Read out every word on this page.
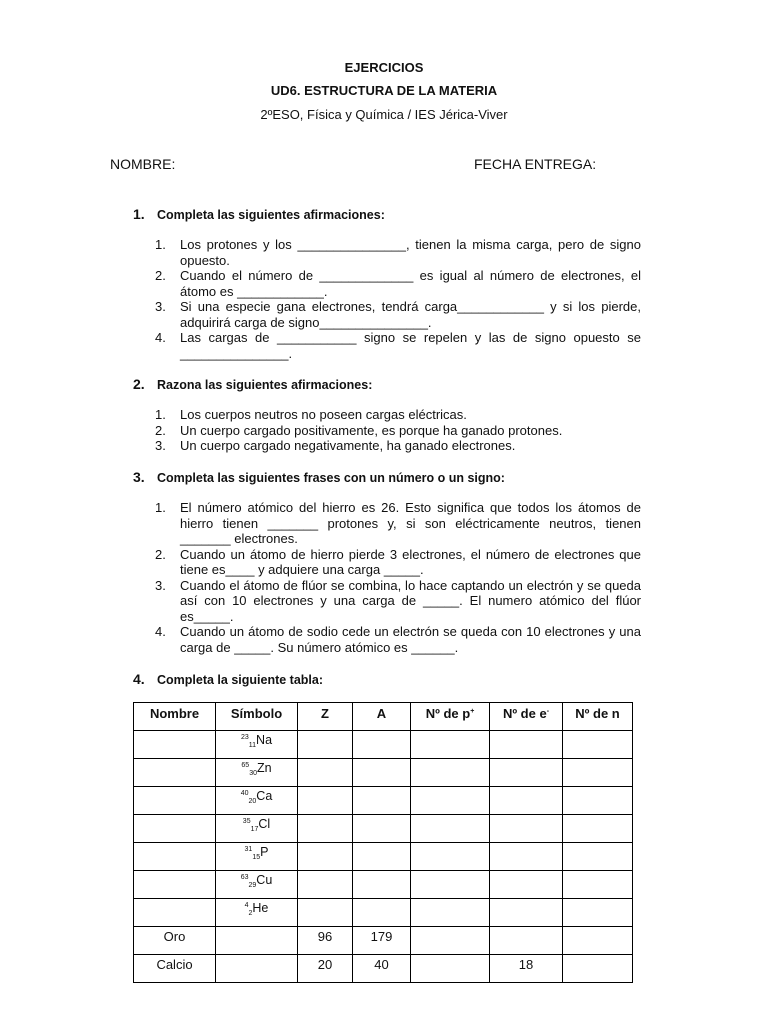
EJERCICIOS
UD6. ESTRUCTURA DE LA MATERIA
2ºESO, Física y Química / IES Jérica-Viver
NOMBRE:	FECHA ENTREGA:
1. Completa las siguientes afirmaciones:
1. Los protones y los _______________, tienen la misma carga, pero de signo opuesto.
2. Cuando el número de _____________ es igual al número de electrones, el átomo es ____________.
3. Si una especie gana electrones, tendrá carga____________ y si los pierde, adquirirá carga de signo_______________.
4. Las cargas de ___________ signo se repelen y las de signo opuesto se _______________.
2. Razona las siguientes afirmaciones:
1. Los cuerpos neutros no poseen cargas eléctricas.
2. Un cuerpo cargado positivamente, es porque ha ganado protones.
3. Un cuerpo cargado negativamente, ha ganado electrones.
3. Completa las siguientes frases con un número o un signo:
1. El número atómico del hierro es 26. Esto significa que todos los átomos de hierro tienen _______ protones y, si son eléctricamente neutros, tienen _______ electrones.
2. Cuando un átomo de hierro pierde 3 electrones, el número de electrones que tiene es____ y adquiere una carga _____.
3. Cuando el átomo de flúor se combina, lo hace captando un electrón y se queda así con 10 electrones y una carga de _____. El numero atómico del flúor es_____.
4. Cuando un átomo de sodio cede un electrón se queda con 10 electrones y una carga de _____. Su número atómico es ______.
4. Completa la siguiente tabla:
Nombre	Símbolo	Z	A	Nº de p+	Nº de e-	Nº de n
	$^{23}_{11}$Na					
	$^{65}_{30}$Zn					
	$^{40}_{20}$Ca					
	$^{35}_{17}$Cl					
	$^{31}_{15}$P					
	$^{63}_{29}$Cu					
	$^4_2$He					
Oro		96	179			
Calcio		20	40		18	
